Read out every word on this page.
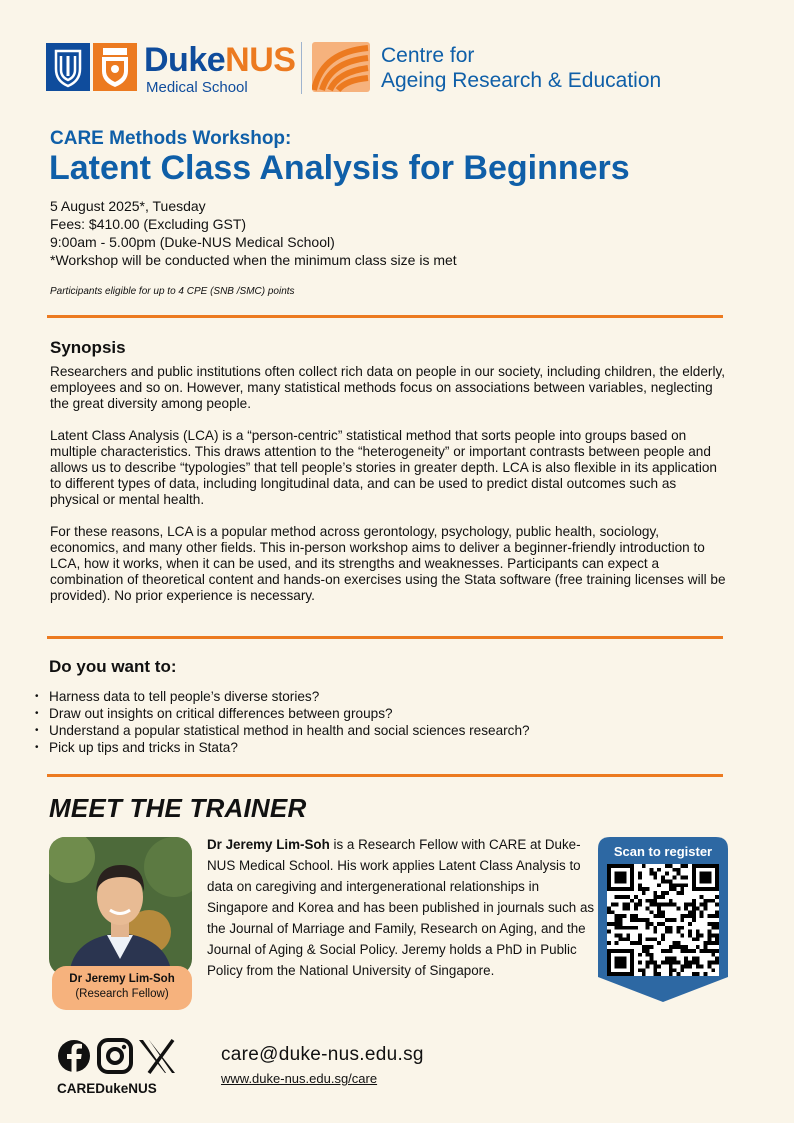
DukeNUS
Medical School
Centre for
Ageing Research & Education
CARE Methods Workshop:
Latent Class Analysis for Beginners
5 August 2025*, Tuesday
Fees: $410.00 (Excluding GST)
9:00am - 5.00pm (Duke-NUS Medical School)
*Workshop will be conducted when the minimum class size is met
Participants eligible for up to 4 CPE (SNB /SMC) points
Synopsis

Researchers and public institutions often collect rich data on people in our society, including children, the elderly, employees and so on. However, many statistical methods focus on associations between variables, neglecting the great diversity among people.

Latent Class Analysis (LCA) is a “person-centric” statistical method that sorts people into groups based on multiple characteristics. This draws attention to the “heterogeneity” or important contrasts between people and allows us to describe “typologies” that tell people’s stories in greater depth. LCA is also flexible in its application to different types of data, including longitudinal data, and can be used to predict distal outcomes such as physical or mental health.

For these reasons, LCA is a popular method across gerontology, psychology, public health, sociology, economics, and many other fields. This in-person workshop aims to deliver a beginner-friendly introduction to LCA, how it works, when it can be used, and its strengths and weaknesses. Participants can expect a combination of theoretical content and hands-on exercises using the Stata software (free training licenses will be provided). No prior experience is necessary.

Do you want to:
• Harness data to tell people’s diverse stories?
• Draw out insights on critical differences between groups?
• Understand a popular statistical method in health and social sciences research?
• Pick up tips and tricks in Stata?
MEET THE TRAINER
Dr Jeremy Lim-Soh
(Research Fellow)
Dr Jeremy Lim-Soh is a Research Fellow with CARE at Duke-NUS Medical School. His work applies Latent Class Analysis to data on caregiving and intergenerational relationships in Singapore and Korea and has been published in journals such as the Journal of Marriage and Family, Research on Aging, and the Journal of Aging & Social Policy. Jeremy holds a PhD in Public Policy from the National University of Singapore.
Scan to register
CAREDukeNUS
care@duke-nus.edu.sg
www.duke-nus.edu.sg/care
